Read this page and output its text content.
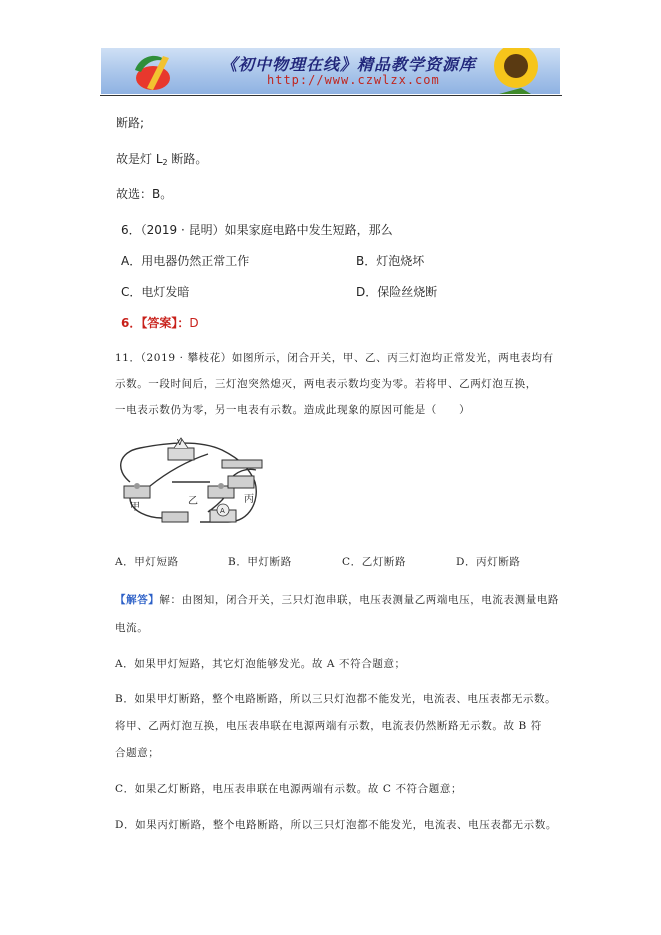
《初中物理在线》精品教学资源库
http://www.czwlzx.com
断路;
故是灯 $L_2$ 断路。
故选：B。
6．（2019 · 昆明）如果家庭电路中发生短路，那么
A．用电器仍然正常工作	B．灯泡烧坏
C．电灯发暗	D．保险丝烧断
6．【答案】：D
11．（2019 · 攀枝花）如图所示，闭合开关，甲、乙、丙三灯泡均正常发光，两电表均有
示数。一段时间后，三灯泡突然熄灭，两电表示数均变为零。若将甲、乙两灯泡互换，
一电表示数仍为零，另一电表有示数。造成此现象的原因可能是（　　）
甲
乙	丙
V
A
A．甲灯短路	B．甲灯断路	C．乙灯断路	D．丙灯断路
【解答】解：由图知，闭合开关，三只灯泡串联，电压表测量乙两端电压，电流表测量电路
电流。
A．如果甲灯短路，其它灯泡能够发光。故 A 不符合题意；
B．如果甲灯断路，整个电路断路，所以三只灯泡都不能发光，电流表、电压表都无示数。
将甲、乙两灯泡互换，电压表串联在电源两端有示数，电流表仍然断路无示数。故 B 符
合题意；
C．如果乙灯断路，电压表串联在电源两端有示数。故 C 不符合题意；
D．如果丙灯断路，整个电路断路，所以三只灯泡都不能发光，电流表、电压表都无示数。
